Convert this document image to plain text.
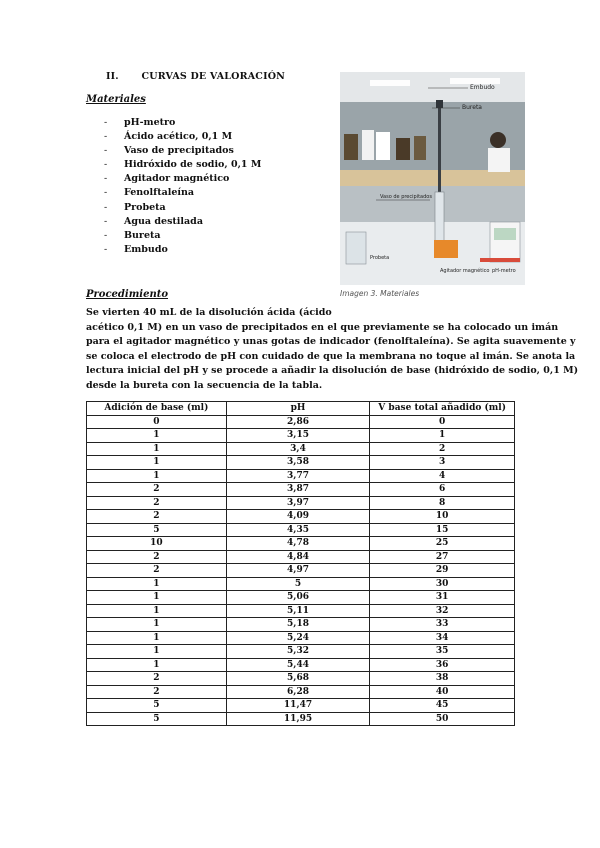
II. CURVAS DE VALORACIÓN
Materiales
- pH-metro
- Ácido acético, 0,1 M
- Vaso de precipitados
- Hidróxido de sodio, 0,1 M
- Agitador magnético
- Fenolftaleína
- Probeta
- Agua destilada
- Bureta
- Embudo
Embudo
Bureta
Vaso de precipitados
Probeta
Agitador magnético pH-metro
Imagen 3. Materiales
Procedimiento

Se vierten 40 mL de la disolución ácida (ácido

acético 0,1 M) en un vaso de precipitados en el que previamente se ha colocado un imán

para el agitador magnético y unas gotas de indicador (fenolftaleína). Se agita suavemente y

se coloca el electrodo de pH con cuidado de que la membrana no toque al imán. Se anota la

lectura inicial del pH y se procede a añadir la disolución de base (hidróxido de sodio, 0,1 M)

desde la bureta con la secuencia de la tabla.

Adición de base (ml)	pH	V base total añadido (ml)
0	2,86	0
1	3,15	1
1	3,4	2
1	3,58	3
1	3,77	4
2	3,87	6
2	3,97	8
2	4,09	10
5	4,35	15
10	4,78	25
2	4,84	27
2	4,97	29
1	5	30
1	5,06	31
1	5,11	32
1	5,18	33
1	5,24	34
1	5,32	35
1	5,44	36
2	5,68	38
2	6,28	40
5	11,47	45
5	11,95	50
